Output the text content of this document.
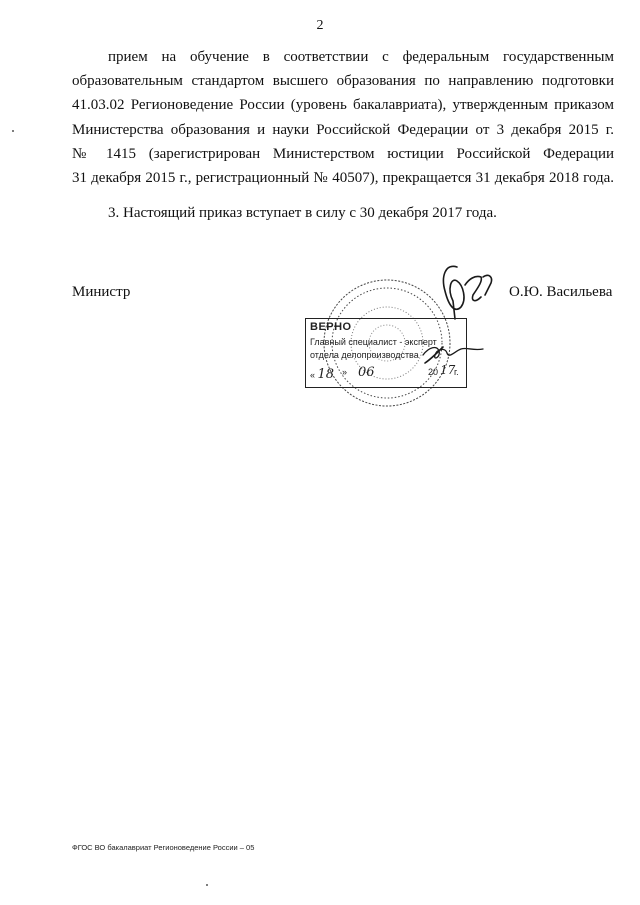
2

прием на обучение в соответствии с федеральным государственным

образовательным стандартом высшего образования по направлению подготовки

41.03.02 Регионоведение России (уровень бакалавриата), утвержденным приказом

Министерства образования и науки Российской Федерации от 3 декабря 2015 г.

№ 1415 (зарегистрирован Министерством юстиции Российской Федерации

31 декабря 2015 г., регистрационный № 40507), прекращается 31 декабря 2018 года.

3. Настоящий приказ вступает в силу с 30 декабря 2017 года.

Министр	О.Ю. Васильева
ВЕРНО
Главный специалист - эксперт
отдела делопроизводства
« 18 » 06	20 17
г.
ФГОС ВО бакалавриат Регионоведение России – 05
